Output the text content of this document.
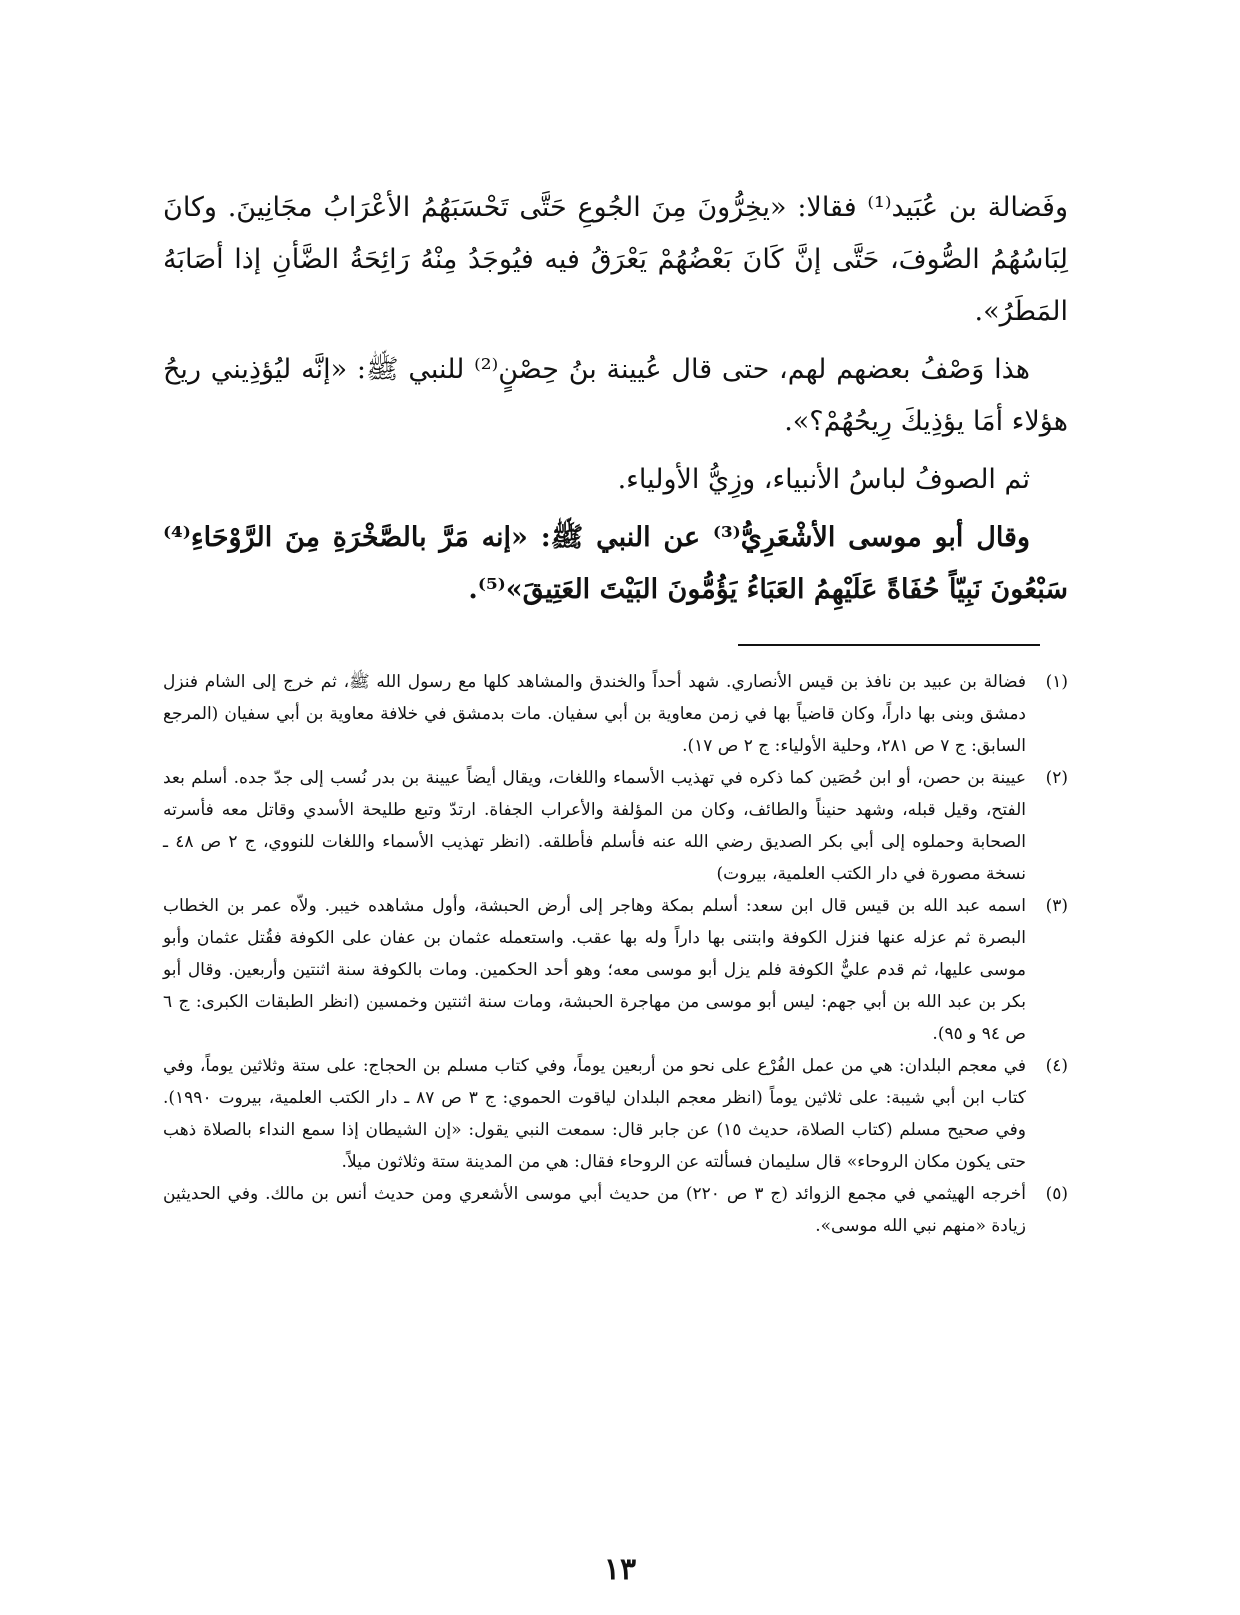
وفَضالة بن عُبَيد⁽¹⁾ فقالا: «يخِرُّونَ مِنَ الجُوعِ حَتَّى تَحْسَبَهُمُ الأعْرَابُ مجَانِينَ. وكانَ لِبَاسُهُمُ الصُّوفَ، حَتَّى إنَّ كَانَ بَعْضُهُمْ يَعْرَقُ فيه فيُوجَدُ مِنْهُ رَائِحَةُ الضَّأنِ إذا أصَابَهُ المَطَرُ».

هذا وَصْفُ بعضهم لهم، حتى قال عُيينة بنُ حِصْنٍ⁽²⁾ للنبي ﷺ: «إنَّه ليُؤذِيني ريحُ هؤلاء أمَا يؤذِيكَ رِيحُهُمْ؟».

ثم الصوفُ لباسُ الأنبياء، وزِيُّ الأولياء.

وقال أبو موسى الأشْعَرِيُّ⁽³⁾ عن النبي ﷺ: «إنه مَرَّ بالصَّخْرَةِ مِنَ الرَّوْحَاءِ⁽⁴⁾ سَبْعُونَ نَبِيّاً حُفَاةً عَلَيْهِمُ العَبَاءُ يَؤُمُّونَ البَيْتَ العَتِيقَ»⁽⁵⁾.

(١)
فضالة بن عبيد بن نافذ بن قيس الأنصاري. شهد أحداً والخندق والمشاهد كلها مع رسول الله ﷺ، ثم خرج إلى الشام فنزل دمشق وبنى بها داراً، وكان قاضياً بها في زمن معاوية بن أبي سفيان. مات بدمشق في خلافة معاوية بن أبي سفيان (المرجع السابق: ج ٧ ص ٢٨١، وحلية الأولياء: ج ٢ ص ١٧).
(٢)
عيينة بن حصن، أو ابن حُصَين كما ذكره في تهذيب الأسماء واللغات، ويقال أيضاً عيينة بن بدر نُسب إلى جدّ جده. أسلم بعد الفتح، وقيل قبله، وشهد حنيناً والطائف، وكان من المؤلفة والأعراب الجفاة. ارتدّ وتبع طليحة الأسدي وقاتل معه فأسرته الصحابة وحملوه إلى أبي بكر الصديق رضي الله عنه فأسلم فأطلقه. (انظر تهذيب الأسماء واللغات للنووي، ج ٢ ص ٤٨ ـ نسخة مصورة في دار الكتب العلمية، بيروت)
(٣)
اسمه عبد الله بن قيس قال ابن سعد: أسلم بمكة وهاجر إلى أرض الحبشة، وأول مشاهده خيبر. ولاّه عمر بن الخطاب البصرة ثم عزله عنها فنزل الكوفة وابتنى بها داراً وله بها عقب. واستعمله عثمان بن عفان على الكوفة فقُتل عثمان وأبو موسى عليها، ثم قدم عليٌّ الكوفة فلم يزل أبو موسى معه؛ وهو أحد الحكمين. ومات بالكوفة سنة اثنتين وأربعين. وقال أبو بكر بن عبد الله بن أبي جهم: ليس أبو موسى من مهاجرة الحبشة، ومات سنة اثنتين وخمسين (انظر الطبقات الكبرى: ج ٦ ص ٩٤ و ٩٥).
(٤)
في معجم البلدان: هي من عمل الفُرْع على نحو من أربعين يوماً، وفي كتاب مسلم بن الحجاج: على ستة وثلاثين يوماً، وفي كتاب ابن أبي شيبة: على ثلاثين يوماً (انظر معجم البلدان لياقوت الحموي: ج ٣ ص ٨٧ ـ دار الكتب العلمية، بيروت ١٩٩٠). وفي صحيح مسلم (كتاب الصلاة، حديث ١٥) عن جابر قال: سمعت النبي يقول: «إن الشيطان إذا سمع النداء بالصلاة ذهب حتى يكون مكان الروحاء» قال سليمان فسألته عن الروحاء فقال: هي من المدينة ستة وثلاثون ميلاً.
(٥)
أخرجه الهيثمي في مجمع الزوائد (ج ٣ ص ٢٢٠) من حديث أبي موسى الأشعري ومن حديث أنس بن مالك. وفي الحديثين زيادة «منهم نبي الله موسى».
١٣
